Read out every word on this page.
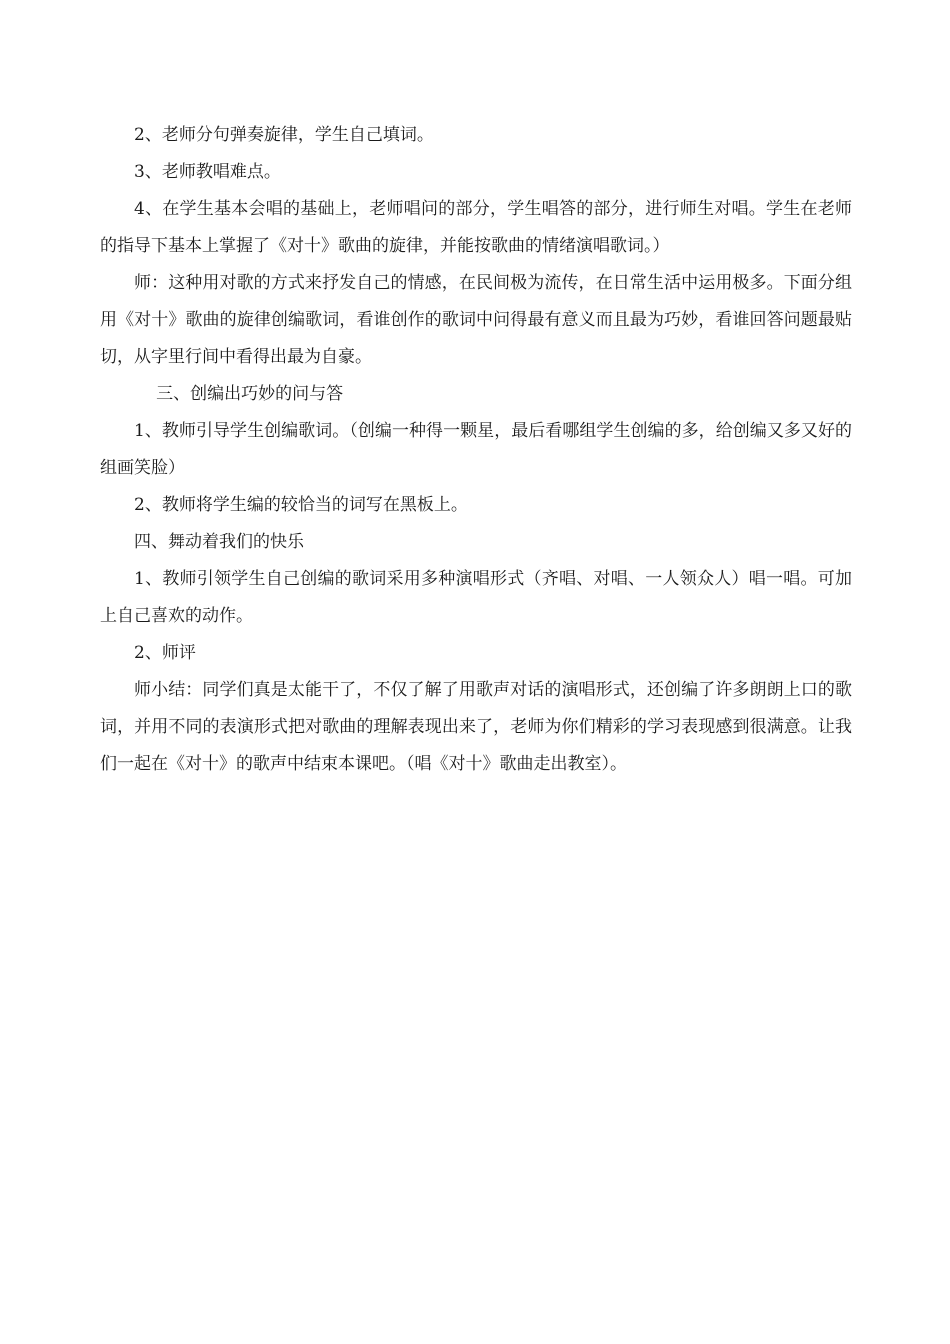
2、老师分句弹奏旋律，学生自己填词。

3、老师教唱难点。

4、在学生基本会唱的基础上，老师唱问的部分，学生唱答的部分，进行师生对唱。学生在老师的指导下基本上掌握了《对十》歌曲的旋律，并能按歌曲的情绪演唱歌词。）

师：这种用对歌的方式来抒发自己的情感，在民间极为流传，在日常生活中运用极多。下面分组用《对十》歌曲的旋律创编歌词，看谁创作的歌词中问得最有意义而且最为巧妙，看谁回答问题最贴切，从字里行间中看得出最为自豪。

三、创编出巧妙的问与答

1、教师引导学生创编歌词。（创编一种得一颗星，最后看哪组学生创编的多，给创编又多又好的组画笑脸）

2、教师将学生编的较恰当的词写在黑板上。

四、舞动着我们的快乐

1、教师引领学生自己创编的歌词采用多种演唱形式（齐唱、对唱、一人领众人）唱一唱。可加上自己喜欢的动作。

2、师评

师小结：同学们真是太能干了，不仅了解了用歌声对话的演唱形式，还创编了许多朗朗上口的歌词，并用不同的表演形式把对歌曲的理解表现出来了，老师为你们精彩的学习表现感到很满意。让我们一起在《对十》的歌声中结束本课吧。（唱《对十》歌曲走出教室）。
